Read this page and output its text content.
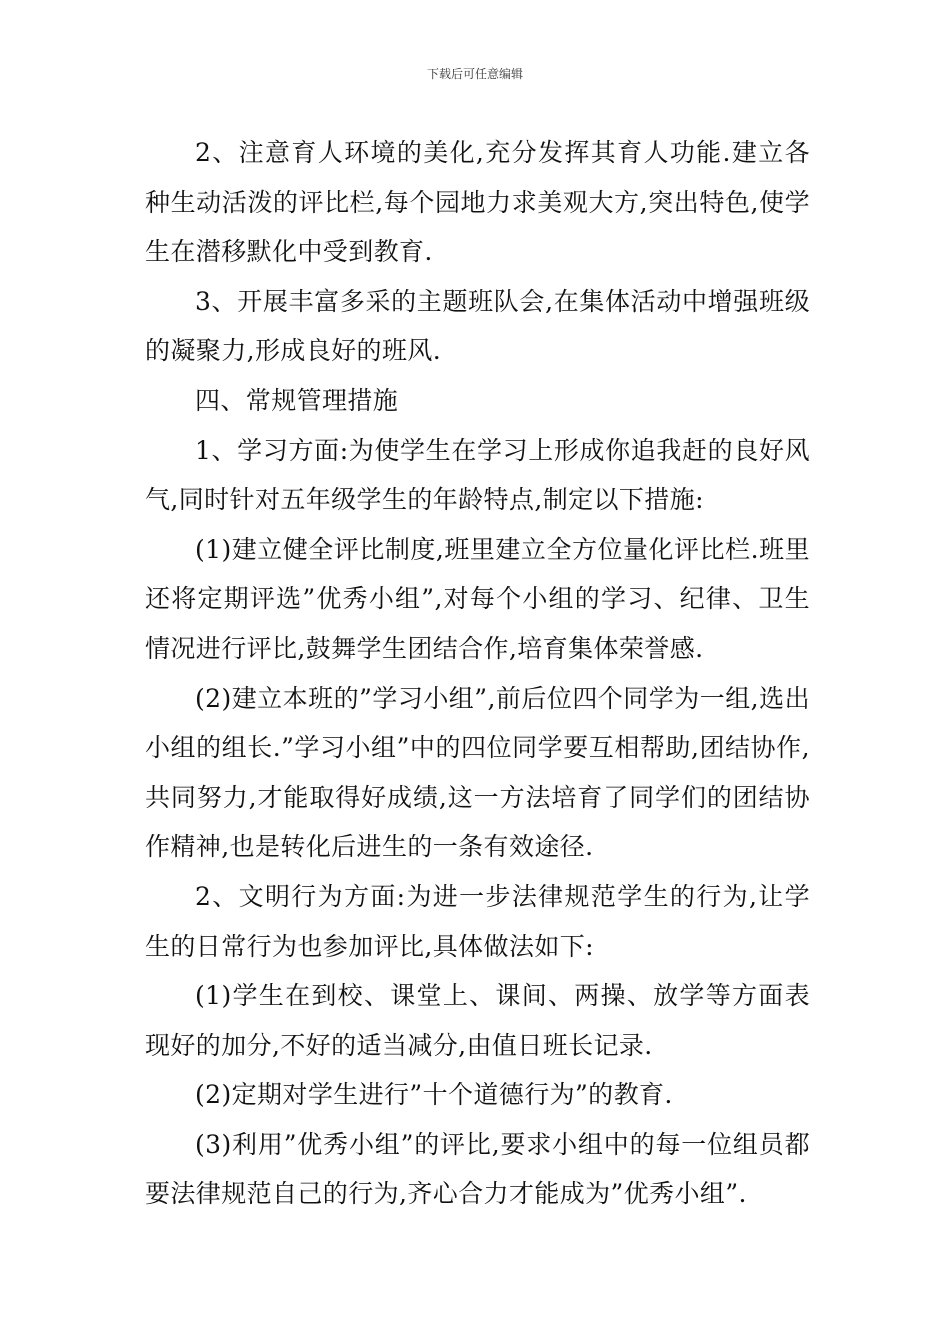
下载后可任意编辑

2、注意育人环境的美化,充分发挥其育人功能.建立各种生动活泼的评比栏,每个园地力求美观大方,突出特色,使学生在潜移默化中受到教育.

3、开展丰富多采的主题班队会,在集体活动中增强班级的凝聚力,形成良好的班风.

四、常规管理措施

1、学习方面:为使学生在学习上形成你追我赶的良好风气,同时针对五年级学生的年龄特点,制定以下措施:

(1)建立健全评比制度,班里建立全方位量化评比栏.班里还将定期评选”优秀小组”,对每个小组的学习、纪律、卫生情况进行评比,鼓舞学生团结合作,培育集体荣誉感.

(2)建立本班的”学习小组”,前后位四个同学为一组,选出小组的组长.”学习小组”中的四位同学要互相帮助,团结协作,共同努力,才能取得好成绩,这一方法培育了同学们的团结协作精神,也是转化后进生的一条有效途径.

2、文明行为方面:为进一步法律规范学生的行为,让学生的日常行为也参加评比,具体做法如下:

(1)学生在到校、课堂上、课间、两操、放学等方面表现好的加分,不好的适当减分,由值日班长记录.

(2)定期对学生进行”十个道德行为”的教育.

(3)利用”优秀小组”的评比,要求小组中的每一位组员都要法律规范自己的行为,齐心合力才能成为”优秀小组”.
